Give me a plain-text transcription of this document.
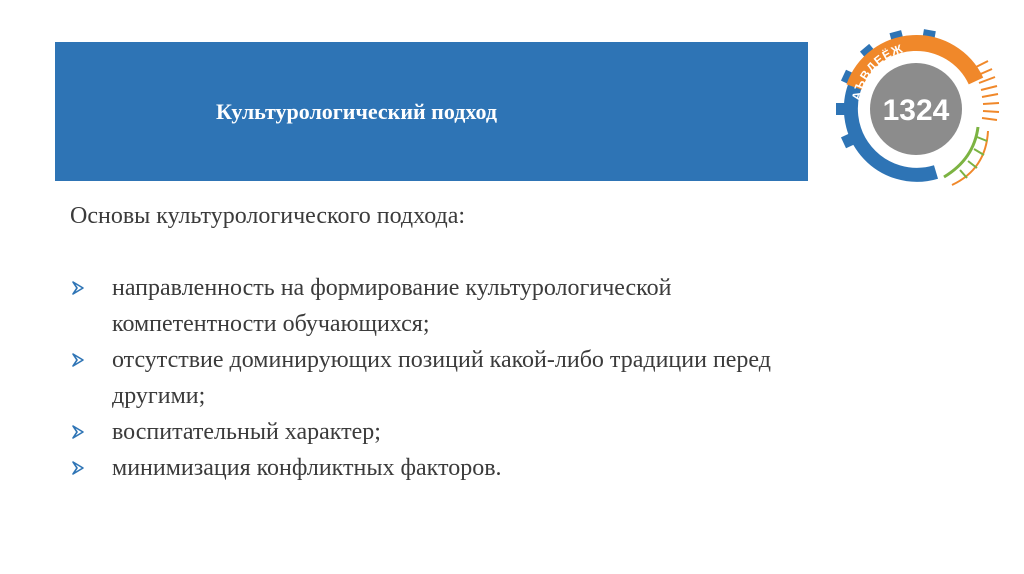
Культурологический подход

Основы культурологического подхода:

направленность на формирование культурологической компетентности обучающихся;
отсутствие доминирующих позиций какой-либо традиции перед другими;
воспитательный характер;
минимизация конфликтных факторов.
1324
АЪВДЕЁЖ
